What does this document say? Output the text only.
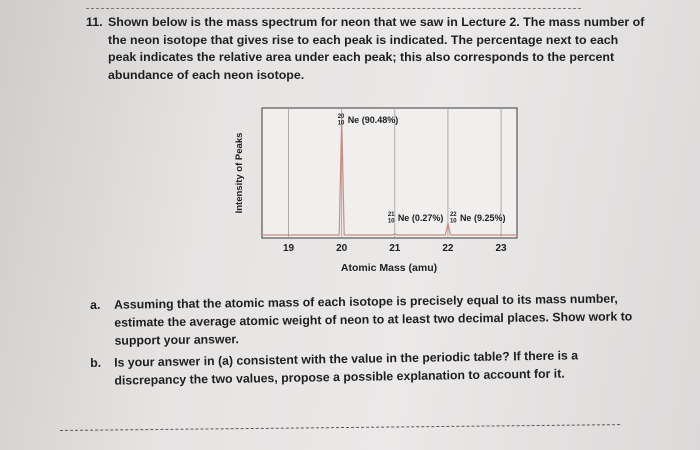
11. Shown below is the mass spectrum for neon that we saw in Lecture 2. The mass number of the neon isotope that gives rise to each peak is indicated. The percentage next to each peak indicates the relative area under each peak; this also corresponds to the percent abundance of each neon isotope.
19	20	21	22	23
20
10 Ne (90.48%)
21
10 Ne (0.27%) 22
10 Ne (9.25%)
Atomic Mass (amu)
Intensity of Peaks
a.	Assuming that the atomic mass of each isotope is precisely equal to its mass number, estimate the average atomic weight of neon to at least two decimal places. Show work to support your answer.
b.	Is your answer in (a) consistent with the value in the periodic table? If there is a discrepancy the two values, propose a possible explanation to account for it.
